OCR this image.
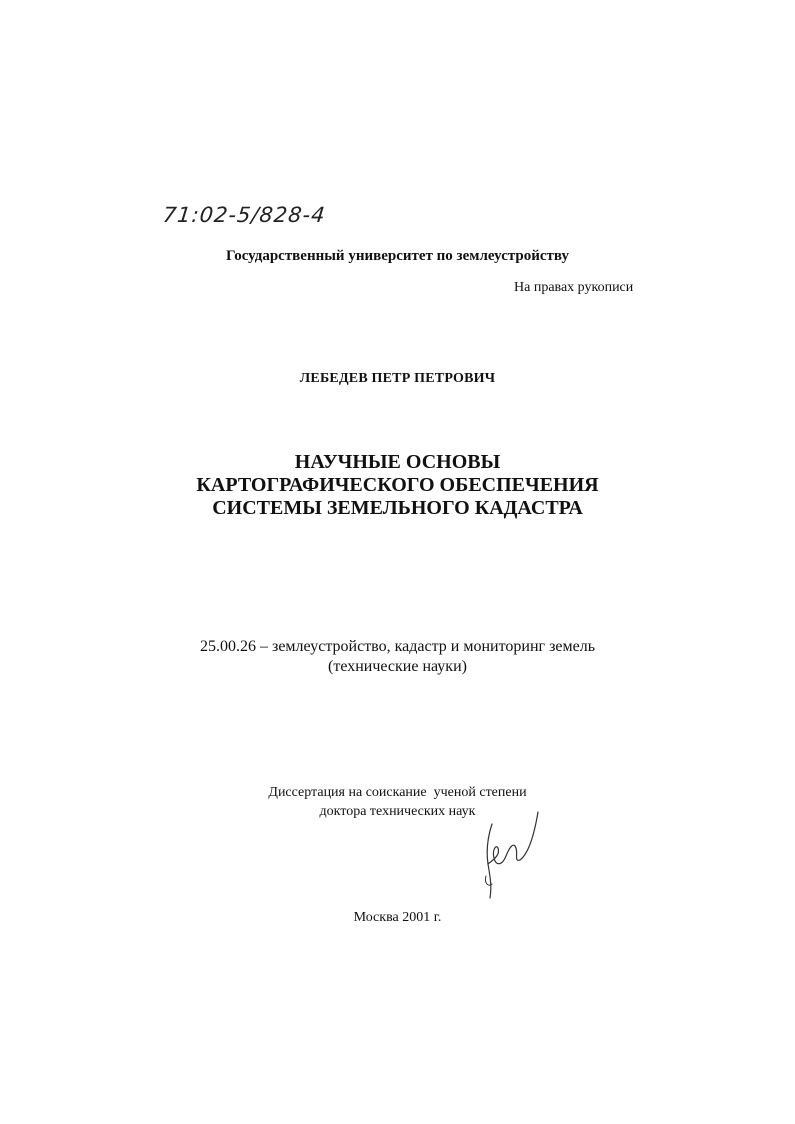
71:02-5/828-4
Государственный университет по землеустройству
На правах рукописи
ЛЕБЕДЕВ ПЕТР ПЕТРОВИЧ
НАУЧНЫЕ ОСНОВЫ
КАРТОГРАФИЧЕСКОГО ОБЕСПЕЧЕНИЯ
СИСТЕМЫ ЗЕМЕЛЬНОГО КАДАСТРА
25.00.26 – землеустройство, кадастр и мониторинг земель
(технические науки)
Диссертация на соискание  ученой степени
доктора технических наук
Москва 2001 г.
